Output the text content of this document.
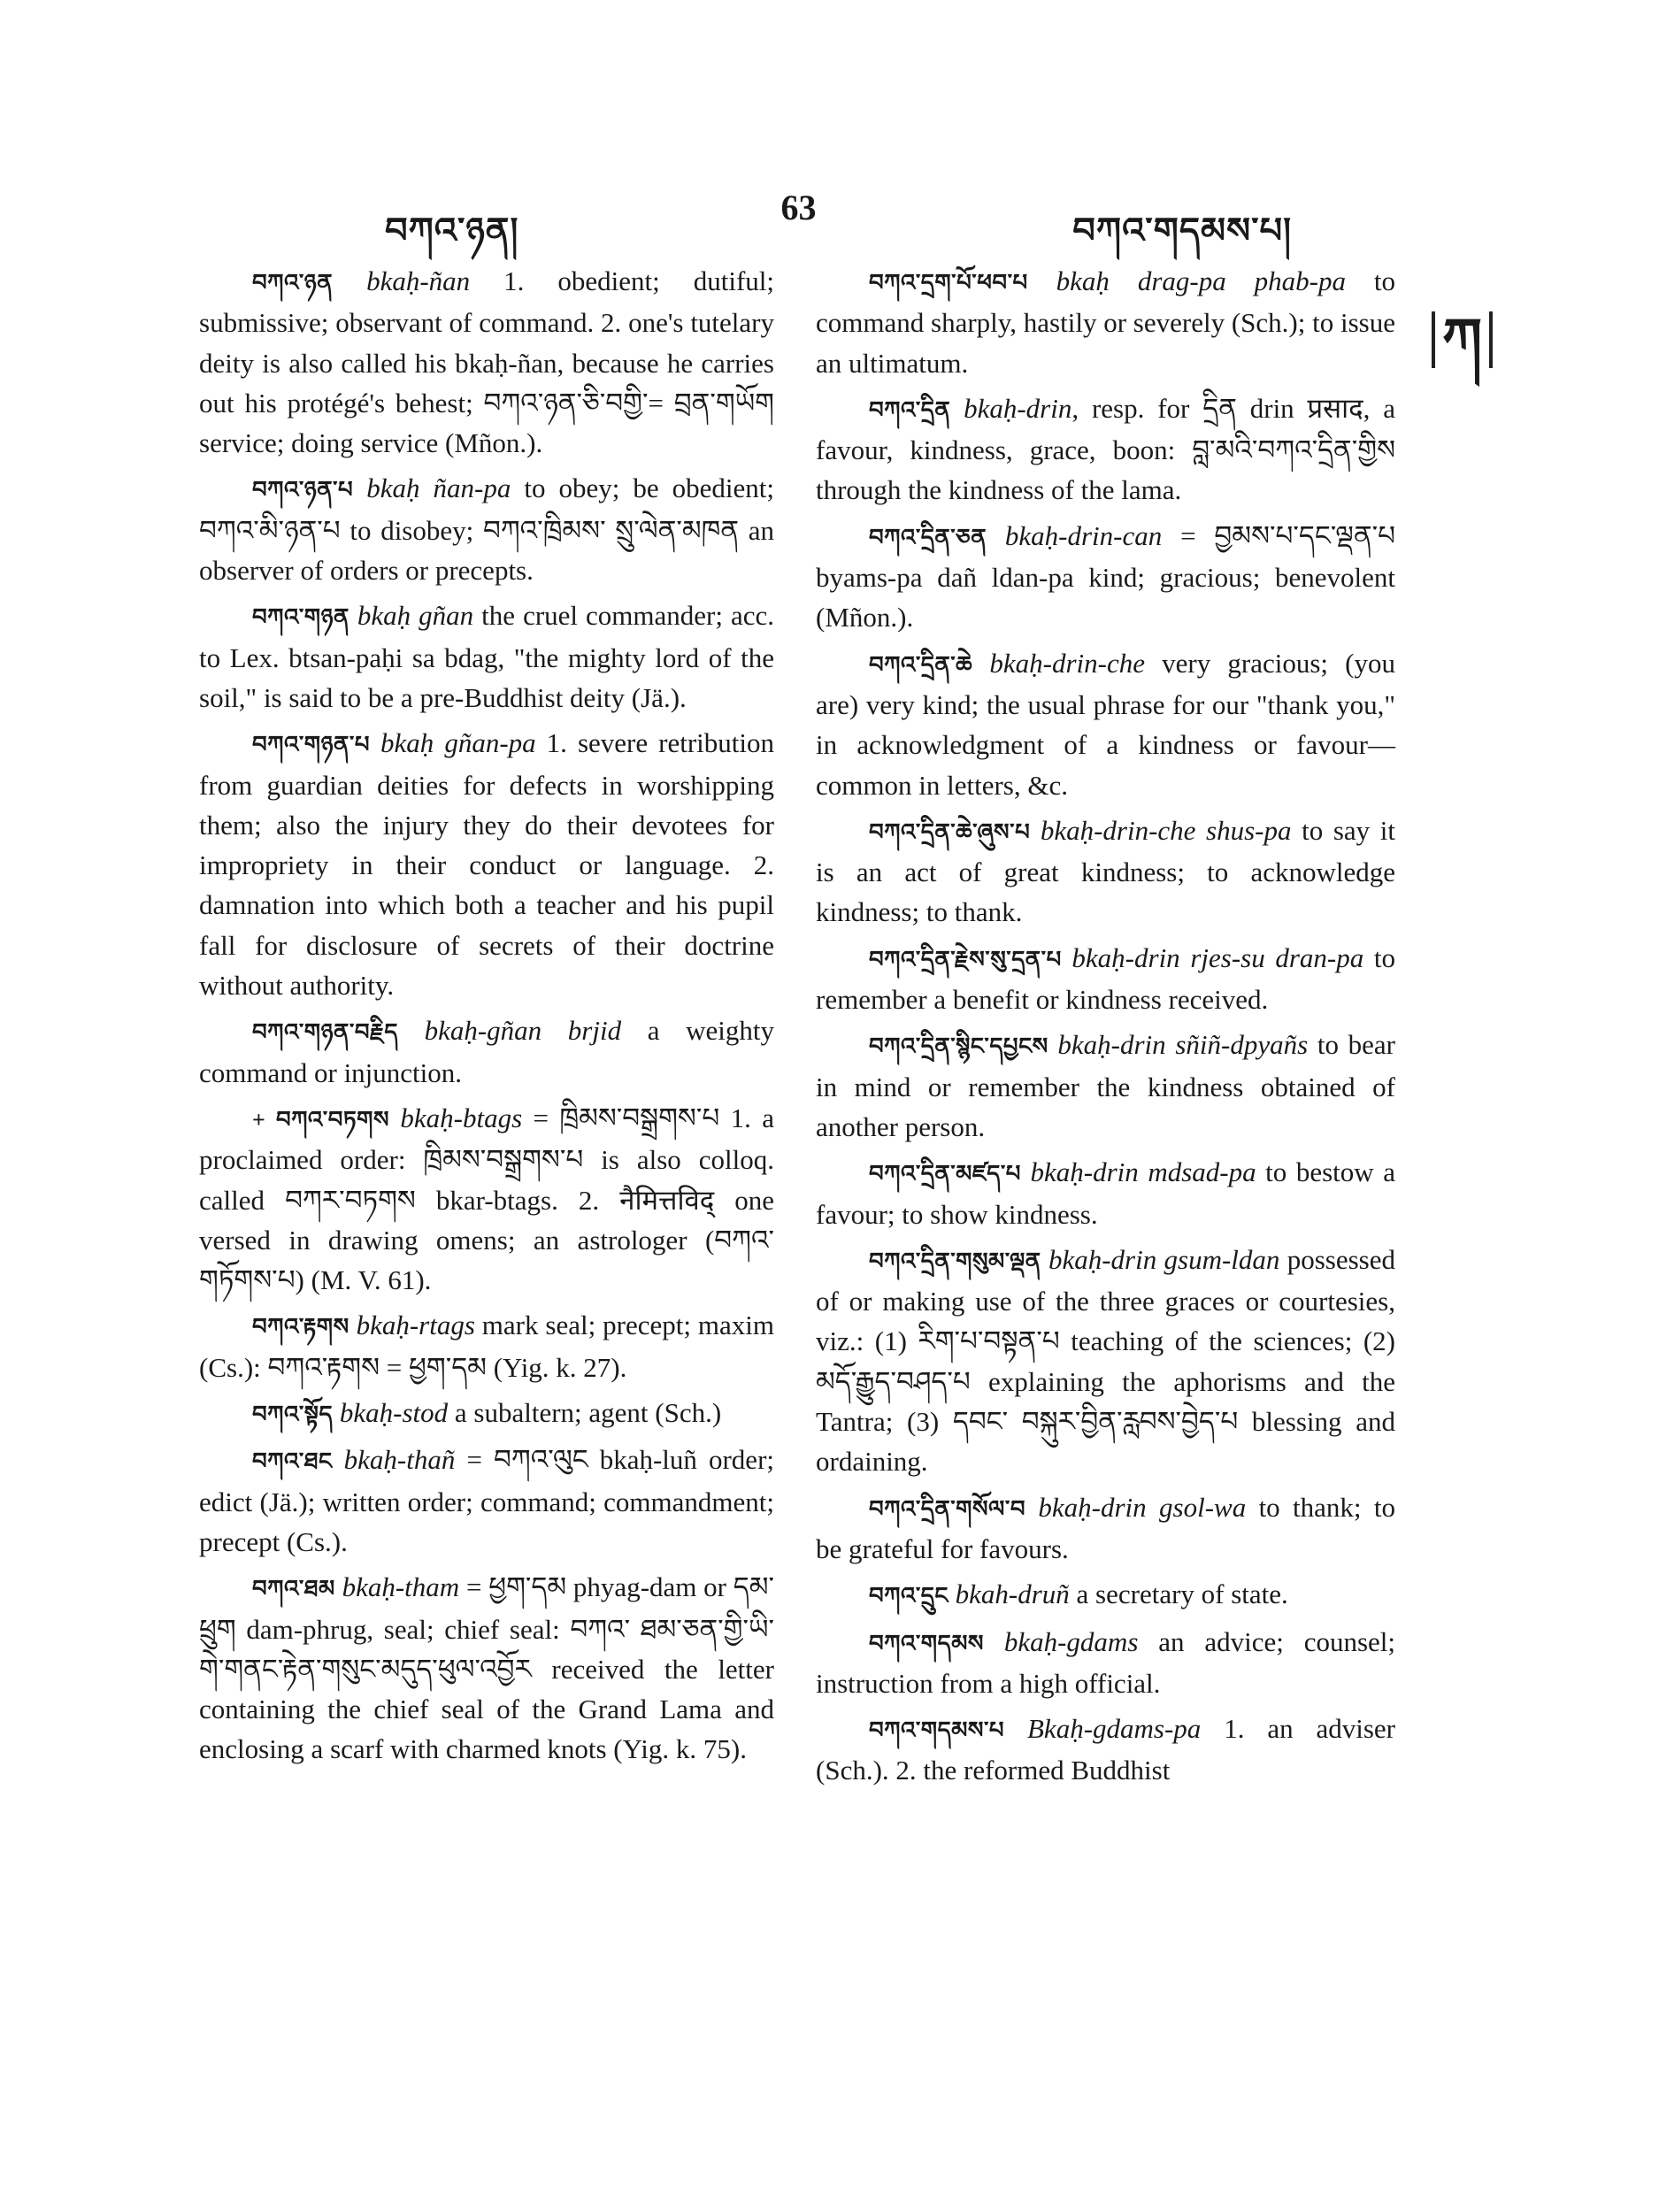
བཀའ་ཉན།
63
བཀའ་གདམས་པ།
ཀ

བཀའ་ཉན bkaḥ-ñan 1. obedient; dutiful; submissive; observant of command. 2. one's tutelary deity is also called his bkaḥ-ñan, because he carries out his protégé's behest; བཀའ་ཉན་ཅི་བགྱི་= བྲན་གཡོག service; doing service (Mñon.).

བཀའ་ཉན་པ bkaḥ ñan-pa to obey; be obedient; བཀའ་མི་ཉན་པ to disobey; བཀའ་ཁྲིམས་ སྲུ་ལེན་མཁན an observer of orders or precepts.

བཀའ་གཉན bkaḥ gñan the cruel commander; acc. to Lex. btsan-paḥi sa bdag, "the mighty lord of the soil," is said to be a pre-Buddhist deity (Jä.).

བཀའ་གཉན་པ bkaḥ gñan-pa 1. severe retribution from guardian deities for defects in worshipping them; also the injury they do their devotees for impropriety in their conduct or language. 2. damnation into which both a teacher and his pupil fall for disclosure of secrets of their doctrine without authority.

བཀའ་གཉན་བརྗིད bkaḥ-gñan brjid a weighty command or injunction.

+ བཀའ་བཏགས bkaḥ-btags = ཁྲིམས་བསྒྲགས་པ 1. a proclaimed order: ཁྲིམས་བསྒྲགས་པ is also colloq. called བཀར་བཏགས bkar-btags. 2. नैमित्तविद् one versed in drawing omens; an astrologer (བཀའ་གཏོགས་པ) (M. V. 61).

བཀའ་རྟགས bkaḥ-rtags mark seal; precept; maxim (Cs.): བཀའ་རྟགས = ཕྱག་དམ (Yig. k. 27).

བཀའ་སྟོད bkaḥ-stod a subaltern; agent (Sch.)

བཀའ་ཐང bkaḥ-thañ = བཀའ་ལུང bkaḥ-luñ order; edict (Jä.); written order; command; commandment; precept (Cs.).

བཀའ་ཐམ bkaḥ-tham = ཕྱག་དམ phyag-dam or དམ་ཕྲུག dam-phrug, seal; chief seal: བཀའ་ ཐམ་ཅན་གྱི་ཡི་གེ་གནང་རྟེན་གསུང་མདུད་ཕུལ་འབྱོར received the letter containing the chief seal of the Grand Lama and enclosing a scarf with charmed knots (Yig. k. 75).

བཀའ་དྲག་པོ་ཕབ་པ bkaḥ drag-pa phab-pa to command sharply, hastily or severely (Sch.); to issue an ultimatum.

བཀའ་དྲིན bkaḥ-drin, resp. for དྲིན drin प्रसाद, a favour, kindness, grace, boon: བླ་མའི་བཀའ་དྲིན་གྱིས through the kindness of the lama.

བཀའ་དྲིན་ཅན bkaḥ-drin-can = བྱམས་པ་དང་ལྡན་པ byams-pa dañ ldan-pa kind; gracious; benevolent (Mñon.).

བཀའ་དྲིན་ཆེ bkaḥ-drin-che very gracious; (you are) very kind; the usual phrase for our "thank you," in acknowledgment of a kindness or favour—common in letters, &c.

བཀའ་དྲིན་ཆེ་ཞུས་པ bkaḥ-drin-che shus-pa to say it is an act of great kindness; to acknowledge kindness; to thank.

བཀའ་དྲིན་རྗེས་སུ་དྲན་པ bkaḥ-drin rjes-su dran-pa to remember a benefit or kindness received.

བཀའ་དྲིན་སྙིང་དཔྱངས bkaḥ-drin sñiñ-dpyañs to bear in mind or remember the kindness obtained of another person.

བཀའ་དྲིན་མཛད་པ bkaḥ-drin mdsad-pa to bestow a favour; to show kindness.

བཀའ་དྲིན་གསུམ་ལྡན bkaḥ-drin gsum-ldan possessed of or making use of the three graces or courtesies, viz.: (1) རིག་པ་བསྟན་པ teaching of the sciences; (2) མདོ་རྒྱུད་བཤད་པ explaining the aphorisms and the Tantra; (3) དབང་ བསྐུར་བྱིན་རླབས་བྱེད་པ blessing and ordaining.

བཀའ་དྲིན་གསོལ་བ bkaḥ-drin gsol-wa to thank; to be grateful for favours.

བཀའ་དྲུང bkah-druñ a secretary of state.

བཀའ་གདམས bkaḥ-gdams an advice; counsel; instruction from a high official.

བཀའ་གདམས་པ Bkaḥ-gdams-pa 1. an adviser (Sch.). 2. the reformed Buddhist
